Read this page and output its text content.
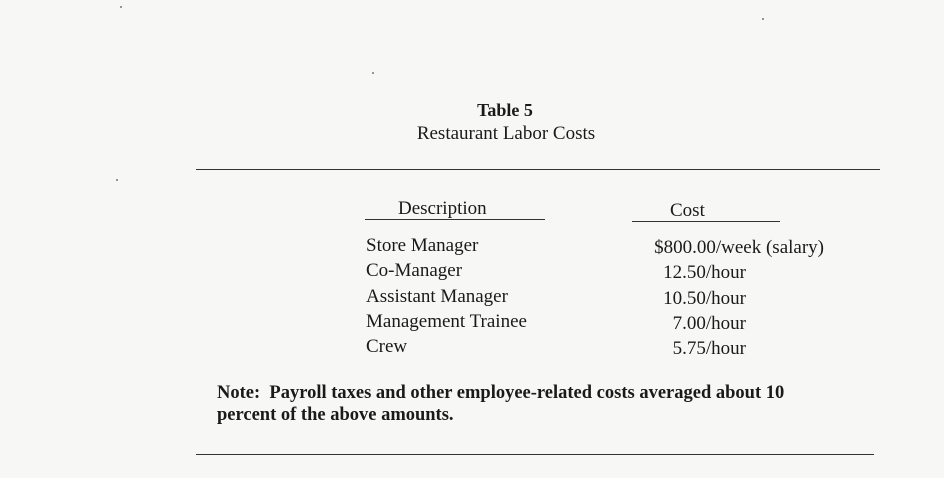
Table 5
Restaurant Labor Costs
Description	Cost
Store Manager
Co-Manager
Assistant Manager
Management Trainee
Crew
$800.00/week (salary)
12.50/hour
10.50/hour
7.00/hour
5.75/hour
Note:  Payroll taxes and other employee-related costs averaged about 10
percent of the above amounts.
